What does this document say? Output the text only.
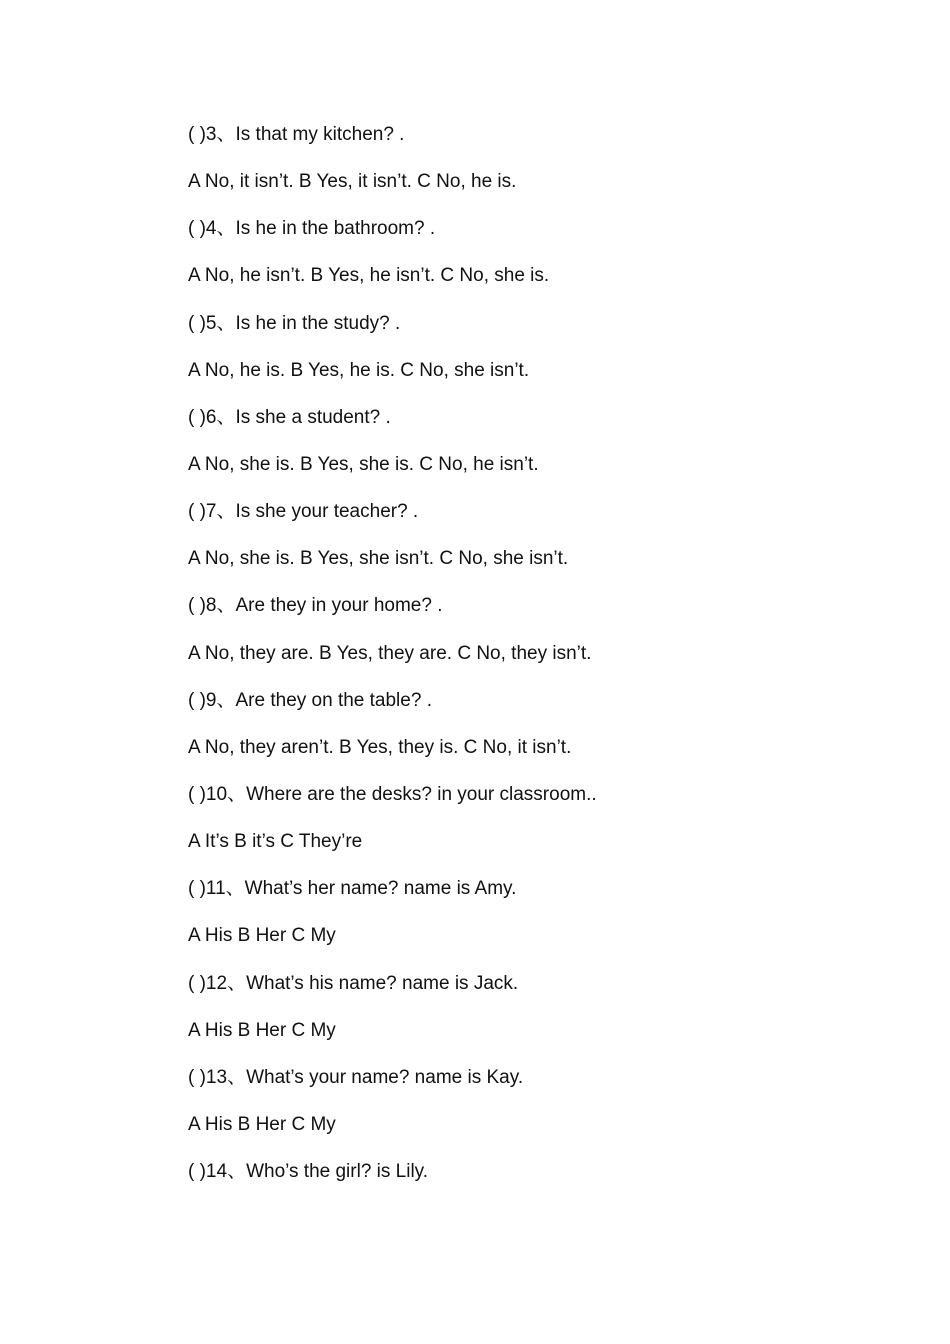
( )3、Is that my kitchen? .
A No, it isn’t. B Yes, it isn’t. C No, he is.
( )4、Is he in the bathroom? .
A No, he isn’t. B Yes, he isn’t. C No, she is.
( )5、Is he in the study? .
A No, he is. B Yes, he is. C No, she isn’t.
( )6、Is she a student? .
A No, she is. B Yes, she is. C No, he isn’t.
( )7、Is she your teacher? .
A No, she is. B Yes, she isn’t. C No, she isn’t.
( )8、Are they in your home? .
A No, they are. B Yes, they are. C No, they isn’t.
( )9、Are they on the table? .
A No, they aren’t. B Yes, they is. C No, it isn’t.
( )10、Where are the desks? in your classroom..
A It’s B it’s C They’re
( )11、What’s her name? name is Amy.
A His B Her C My
( )12、What’s his name? name is Jack.
A His B Her C My
( )13、What’s your name? name is Kay.
A His B Her C My
( )14、Who’s the girl? is Lily.
